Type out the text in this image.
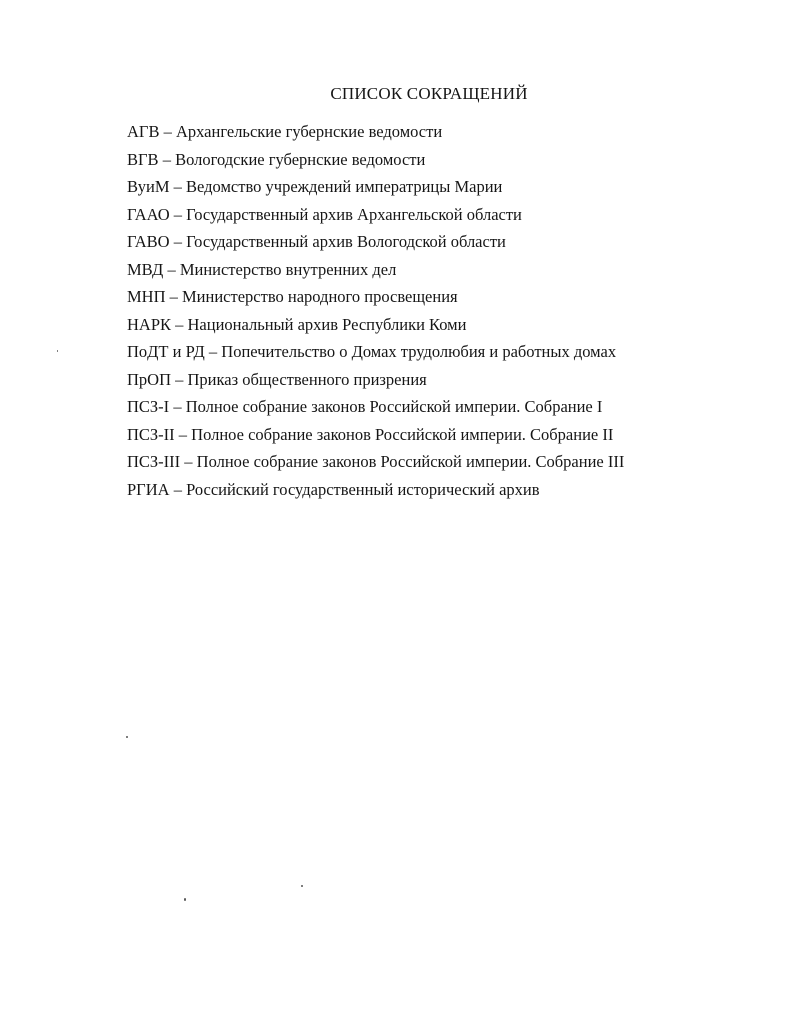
СПИСОК СОКРАЩЕНИЙ
АГВ – Архангельские губернские ведомости
ВГВ – Вологодские губернские ведомости
ВуиМ – Ведомство учреждений императрицы Марии
ГААО – Государственный архив Архангельской области
ГАВО – Государственный архив Вологодской области
МВД – Министерство внутренних дел
МНП – Министерство народного просвещения
НАРК – Национальный архив Республики Коми
ПоДТ и РД – Попечительство о Домах трудолюбия и работных домах
ПрОП – Приказ общественного призрения
ПСЗ-I – Полное собрание законов Российской империи. Собрание I
ПСЗ-II – Полное собрание законов Российской империи. Собрание II
ПСЗ-III – Полное собрание законов Российской империи. Собрание III
РГИА – Российский государственный исторический архив
